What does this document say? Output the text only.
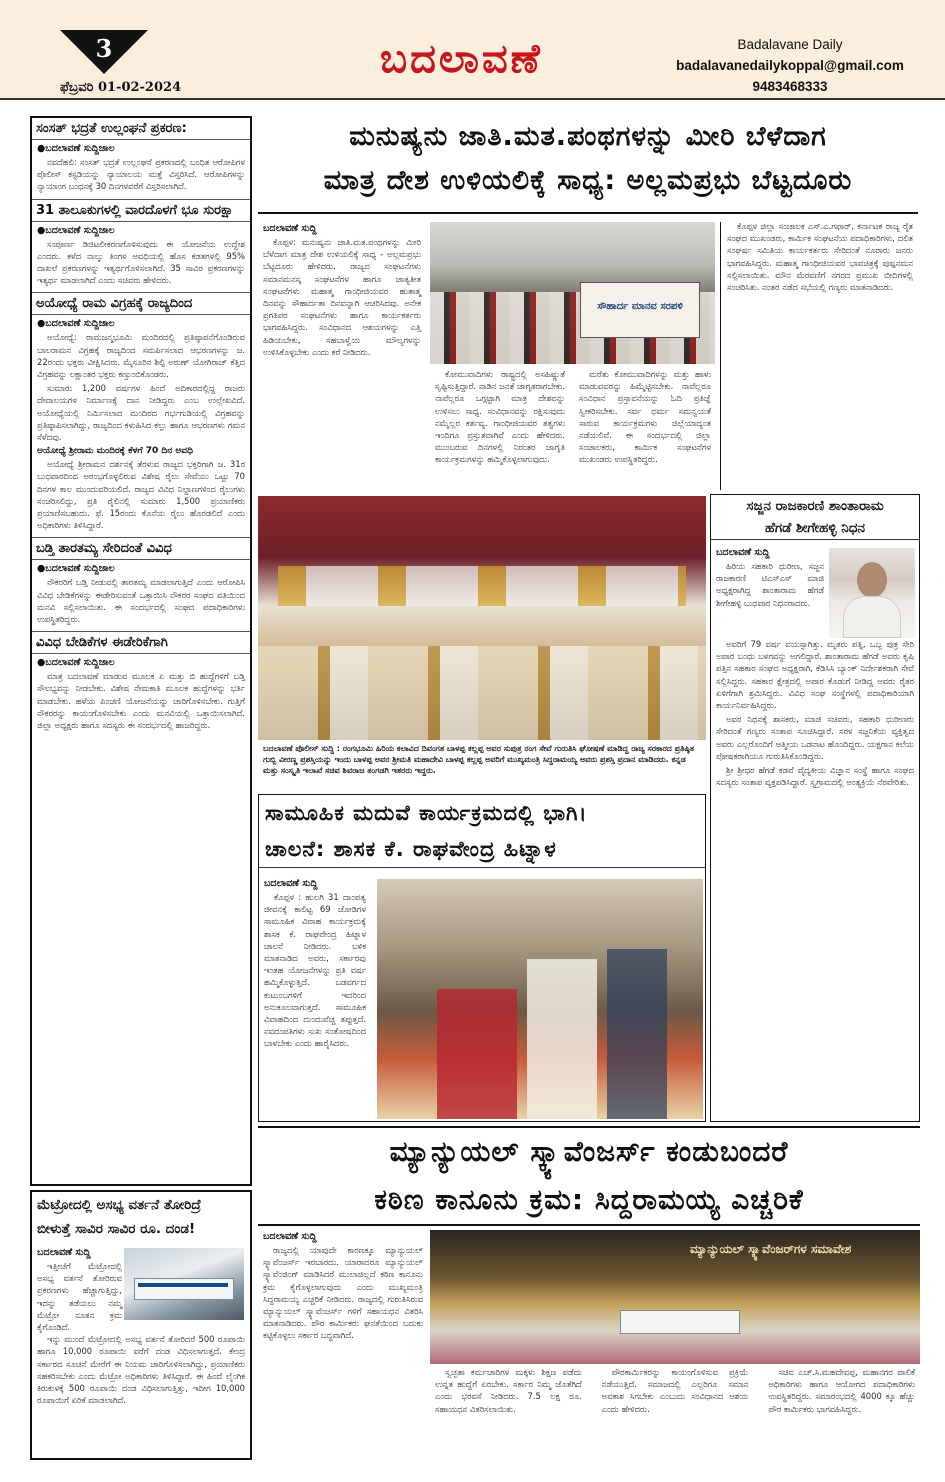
3
ಫೆಬ್ರವರಿ 01-02-2024
ಬದಲಾವಣೆ	Badalavane Daily
badalavanedailykoppal@gmail.com
9483468333
ಸಂಸತ್ ಭದ್ರತೆ ಉಲ್ಲಂಘನೆ ಪ್ರಕರಣ:
●ಬದಲಾವಣೆ ಸುದ್ದಿಜಾಲ

ನವದೆಹಲಿ: ಸಂಸತ್ ಭದ್ರತೆ ಉಲ್ಲಂಘನೆ ಪ್ರಕರಣದಲ್ಲಿ ಬಂಧಿತ ಆರೋಪಿಗಳ ಪೊಲೀಸ್ ಕಸ್ಟಡಿಯನ್ನು ನ್ಯಾಯಾಲಯ ಮತ್ತೆ ವಿಸ್ತರಿಸಿದೆ. ಆರೋಪಿಗಳನ್ನು ನ್ಯಾಯಾಂಗ ಬಂಧನಕ್ಕೆ 30 ದಿನಗಳವರೆಗೆ ವಿಸ್ತರಿಸಲಾಗಿದೆ.

31 ತಾಲೂಕುಗಳಲ್ಲಿ ವಾರದೊಳಗೆ ಭೂ ಸುರಕ್ಷಾ
●ಬದಲಾವಣೆ ಸುದ್ದಿಜಾಲ

ಸಂಪೂರ್ಣ ಡಿಜಿಟಲೀಕರಣಗೊಳಿಸುವುದು ಈ ಯೋಜನೆಯ ಉದ್ದೇಶ ಎಂದರು. ಕಳೆದ ನಾಲ್ಕು ತಿಂಗಳ ಅವಧಿಯಲ್ಲಿ ಹೊಸ ಕಡತಗಳಲ್ಲಿ 95% ದಾಖಲೆ ಪ್ರಕರಣಗಳನ್ನು ಇತ್ಯರ್ಥಗೊಳಿಸಲಾಗಿದೆ. 35 ಸಾವಿರ ಪ್ರಕರಣಗಳನ್ನು ಇತ್ಯರ್ಥ ಮಾಡಲಾಗಿದೆ ಎಂದು ಸಚಿವರು ಹೇಳಿದರು.

ಅಯೋಧ್ಯೆ ರಾಮ ವಿಗ್ರಹಕ್ಕೆ ರಾಜ್ಯದಿಂದ
●ಬದಲಾವಣೆ ಸುದ್ದಿಜಾಲ

ಅಯೋಧ್ಯೆ: ರಾಮಜನ್ಮಭೂಮಿ ಮಂದಿರದಲ್ಲಿ ಪ್ರತಿಷ್ಠಾಪನೆಗೊಂಡಿರುವ ಬಾಲರಾಮನ ವಿಗ್ರಹಕ್ಕೆ ರಾಜ್ಯದಿಂದ ಸಮರ್ಪಿಸಲಾದ ಆಭರಣಗಳನ್ನು ಜ. 22ರಂದು ಭಕ್ತರು ವೀಕ್ಷಿಸಿದರು. ಮೈಸೂರಿನ ಶಿಲ್ಪಿ ಅರುಣ್ ಯೋಗಿರಾಜ್ ಕೆತ್ತಿದ ವಿಗ್ರಹವನ್ನು ಲಕ್ಷಾಂತರ ಭಕ್ತರು ಕಣ್ತುಂಬಿಕೊಂಡರು.

ಸುಮಾರು 1,200 ವರ್ಷಗಳ ಹಿಂದೆ ಅದಿಕಾರದಲ್ಲಿದ್ದ ರಾಜರು ದೇವಾಲಯಗಳ ನಿರ್ಮಾಣಕ್ಕೆ ದಾನ ನೀಡಿದ್ದರು ಎಂಬ ಉಲ್ಲೇಖವಿದೆ. ಅಯೋಧ್ಯೆಯಲ್ಲಿ ನಿರ್ಮಿಸಲಾದ ಮಂದಿರದ ಗರ್ಭಗುಡಿಯಲ್ಲಿ ವಿಗ್ರಹವನ್ನು ಪ್ರತಿಷ್ಠಾಪಿಸಲಾಗಿದ್ದು, ರಾಜ್ಯದಿಂದ ಕಳುಹಿಸಿದ ಕಲ್ಲು ಹಾಗೂ ಆಭರಣಗಳು ಗಮನ ಸೆಳೆದವು.

ಅಯೋಧ್ಯೆ ಶ್ರೀರಾಮ ಮಂದಿರಕ್ಕೆ ಕೆಳಗೆ 70 ದಿನ ಅವಧಿ

ಅಯೋಧ್ಯೆ ಶ್ರೀರಾಮನ ದರ್ಶನಕ್ಕೆ ತೆರಳುವ ರಾಜ್ಯದ ಭಕ್ತರಿಗಾಗಿ ಜ. 31ರ ಬುಧವಾರದಿಂದ ಅರಂಭಗೊಳ್ಳಲಿರುವ ವಿಶೇಷ ರೈಲು ಸೇವೆಯು ಒಟ್ಟು 70 ದಿನಗಳ ಕಾಲ ಮುಂದುವರಿಯಲಿದೆ. ರಾಜ್ಯದ ವಿವಿಧ ನಿಲ್ದಾಣಗಳಿಂದ ರೈಲುಗಳು ಸಂಚರಿಸಲಿದ್ದು, ಪ್ರತಿ ರೈಲಿನಲ್ಲಿ ಸುಮಾರು 1,500 ಪ್ರಯಾಣಿಕರು ಪ್ರಯಾಣಿಸಬಹುದು. ಫೆ. 15ರಂದು ಕೊನೆಯ ರೈಲು ಹೊರಡಲಿದೆ ಎಂದು ಅಧಿಕಾರಿಗಳು ತಿಳಿಸಿದ್ದಾರೆ.

ಬಡ್ತಿ ತಾರತಮ್ಯ ಸೇರಿದಂತೆ ವಿವಿಧ
●ಬದಲಾವಣೆ ಸುದ್ದಿಜಾಲ

ನೌಕರರಿಗೆ ಬಡ್ತಿ ನೀಡುವಲ್ಲಿ ತಾರತಮ್ಯ ಮಾಡಲಾಗುತ್ತಿದೆ ಎಂದು ಆರೋಪಿಸಿ ವಿವಿಧ ಬೇಡಿಕೆಗಳನ್ನು ಈಡೇರಿಸುವಂತೆ ಒತ್ತಾಯಿಸಿ ನೌಕರರ ಸಂಘದ ವತಿಯಿಂದ ಮನವಿ ಸಲ್ಲಿಸಲಾಯಿತು. ಈ ಸಂದರ್ಭದಲ್ಲಿ ಸಂಘದ ಪದಾಧಿಕಾರಿಗಳು ಉಪಸ್ಥಿತರಿದ್ದರು.

ವಿವಿಧ ಬೇಡಿಕೆಗಳ ಈಡೇರಿಕೆಗಾಗಿ
●ಬದಲಾವಣೆ ಸುದ್ದಿಜಾಲ

ಮಾತ್ರ ಬದಲಾವಣೆ ಮಾಡುವ ಮೂಲಕ ಏ ಮತ್ತು ಬಿ ಹುದ್ದೆಗಳಿಗೆ ಬಡ್ತಿ ಸೌಲಭ್ಯವನ್ನು ನೀಡಬೇಕು. ವಿಶೇಷ ನೇಮಕಾತಿ ಮೂಲಕ ಹುದ್ದೆಗಳನ್ನು ಭರ್ತಿ ಮಾಡಬೇಕು. ಹಳೆಯ ಪಿಂಚಣಿ ಯೋಜನೆಯನ್ನು ಜಾರಿಗೊಳಿಸಬೇಕು. ಗುತ್ತಿಗೆ ನೌಕರರನ್ನು ಕಾಯಂಗೊಳಿಸಬೇಕು ಎಂದು ಮನವಿಯಲ್ಲಿ ಒತ್ತಾಯಿಸಲಾಗಿದೆ. ಜಿಲ್ಲಾ ಅಧ್ಯಕ್ಷರು ಹಾಗೂ ಸದಸ್ಯರು ಈ ಸಂದರ್ಭದಲ್ಲಿ ಹಾಜರಿದ್ದರು.

ಮೆಟ್ರೋದಲ್ಲಿ ಅಸಭ್ಯ ವರ್ತನೆ ತೋರಿದ್ರೆ
ಬೀಳುತ್ತೆ ಸಾವಿರ ಸಾವಿರ ರೂ. ದಂಡ!
ಬದಲಾವಣೆ ಸುದ್ದಿ

ಇತ್ತೀಚೆಗೆ ಮೆಟ್ರೋದಲ್ಲಿ ಅಸಭ್ಯ ವರ್ತನೆ ತೋರಿರುವ ಪ್ರಕರಣಗಳು ಹೆಚ್ಚಾಗುತ್ತಿದ್ದು, ಇದನ್ನು ತಡೆಯಲು ನಮ್ಮ ಮೆಟ್ರೋ ನೂತನ ಕ್ರಮ ಕೈಗೊಂಡಿದೆ.

ಇನ್ನು ಮುಂದೆ ಮೆಟ್ರೋದಲ್ಲಿ ಅಸಭ್ಯ ವರ್ತನೆ ತೋರಿದರೆ 500 ರೂಪಾಯಿ ಹಾಗೂ 10,000 ರೂಪಾಯಿ ವರೆಗೆ ದಂಡ ವಿಧಿಸಲಾಗುತ್ತದೆ. ಕೇಂದ್ರ ಸರ್ಕಾರದ ಸೂಚನೆ ಮೇರೆಗೆ ಈ ನಿಯಮ ಜಾರಿಗೊಳಿಸಲಾಗಿದ್ದು, ಪ್ರಯಾಣಿಕರು ಸಹಕರಿಸಬೇಕು ಎಂದು ಮೆಟ್ರೋ ಅಧಿಕಾರಿಗಳು ತಿಳಿಸಿದ್ದಾರೆ. ಈ ಹಿಂದೆ ಲೈಂಗಿಕ ಕಿರುಕುಳಕ್ಕೆ 500 ರೂಪಾಯಿ ದಂಡ ವಿಧಿಸಲಾಗುತ್ತಿತ್ತು, ಇದೀಗ 10,000 ರೂಪಾಯಿಗೆ ಏರಿಕೆ ಮಾಡಲಾಗಿದೆ.

ಮನುಷ್ಯನು ಜಾತಿ.ಮತ.ಪಂಥಗಳನ್ನು ಮೀರಿ ಬೆಳೆದಾಗ
ಮಾತ್ರ ದೇಶ ಉಳಿಯಲಿಕ್ಕೆ ಸಾಧ್ಯ: ಅಲ್ಲಮಪ್ರಭು ಬೆಟ್ಟದೂರು
ಬದಲಾವಣೆ ಸುದ್ದಿ

ಕೊಪ್ಪಳ: ಮನುಷ್ಯನು ಜಾತಿ.ಮತ.ಪಂಥಗಳನ್ನು ಮೀರಿ ಬೆಳೆದಾಗ ಮಾತ್ರ ದೇಶ ಉಳಿಯಲಿಕ್ಕೆ ಸಾಧ್ಯ - ಅಲ್ಲಮಪ್ರಭು ಬೆಟ್ಟದೂರು ಹೇಳಿದರು. ರಾಜ್ಯದ ಸಂಘಟನೆಗಳು ಸಮಾನಮನಸ್ಕ ಸಂಘಟನೆಗಳ ಹಾಗೂ ಜಾತ್ಯತೀತ ಸಂಘಟನೆಗಳು ಮಹಾತ್ಮ ಗಾಂಧೀಜಿಯವರ ಹುತಾತ್ಮ ದಿನವನ್ನು ಸೌಹಾರ್ದತಾ ದಿನವನ್ನಾಗಿ ಆಚರಿಸಿದವು. ಅನೇಕ ಪ್ರಗತಿಪರ ಸಂಘಟನೆಗಳು ಹಾಗೂ ಕಾರ್ಯಕರ್ತರು ಭಾಗವಹಿಸಿದ್ದರು. ಸಂವಿಧಾನದ ಆಶಯಗಳನ್ನು ಎತ್ತಿ ಹಿಡಿಯಬೇಕು, ಸಹಬಾಳ್ವೆಯ ಮೌಲ್ಯಗಳನ್ನು ಉಳಿಸಿಕೊಳ್ಳಬೇಕು ಎಂದು ಕರೆ ನೀಡಿದರು.

ಸೌಹಾರ್ದ ಮಾನವ ಸರಪಳಿ

ಕೋಮುವಾದಿಗಳು ರಾಷ್ಟ್ರದಲ್ಲಿ ಅಸಹಿಷ್ಣುತೆ ಸೃಷ್ಟಿಸುತ್ತಿದ್ದಾರೆ. ನಾಡಿನ ಜನತೆ ಜಾಗೃತರಾಗಬೇಕು. ನಾವೆಲ್ಲರೂ ಒಗ್ಗಟ್ಟಾಗಿ ಮಾತ್ರ ದೇಶವನ್ನು ಉಳಿಸಲು ಸಾಧ್ಯ. ಸಂವಿಧಾನವನ್ನು ರಕ್ಷಿಸುವುದು ನಮ್ಮೆಲ್ಲರ ಕರ್ತವ್ಯ. ಗಾಂಧೀಜಿಯವರ ತತ್ವಗಳು ಇಂದಿಗೂ ಪ್ರಸ್ತುತವಾಗಿವೆ ಎಂದು ಹೇಳಿದರು. ಮುಂಬರುವ ದಿನಗಳಲ್ಲಿ ನಿರಂತರ ಜಾಗೃತಿ ಕಾರ್ಯಕ್ರಮಗಳನ್ನು ಹಮ್ಮಿಕೊಳ್ಳಲಾಗುವುದು.

ಮರೆತು ಕೋಮುವಾದಿಗಳನ್ನು ಮತ್ತು ಹಾಳು ಮಾಡುವವರನ್ನು ಹಿಮ್ಮೆಟ್ಟಿಸಬೇಕು. ನಾವೆಲ್ಲರೂ ಸಂವಿಧಾನ ಪ್ರಸ್ತಾವನೆಯನ್ನು ಓದಿ ಪ್ರತಿಜ್ಞೆ ಸ್ವೀಕರಿಸಬೇಕು. ಸರ್ವ ಧರ್ಮ ಸಮನ್ವಯತೆ ಸಾರುವ ಕಾರ್ಯಕ್ರಮಗಳು ಜಿಲ್ಲೆಯಾದ್ಯಂತ ನಡೆಯಲಿವೆ. ಈ ಸಂದರ್ಭದಲ್ಲಿ ಜಿಲ್ಲಾ ಸಂಚಾಲಕರು, ಕಾರ್ಮಿಕ ಸಂಘಟನೆಗಳ ಮುಖಂಡರು ಉಪಸ್ಥಿತರಿದ್ದರು.

ಕೊಪ್ಪಳ ಜಿಲ್ಲಾ ಸಂಚಾಲಕ ಎಸ್.ಎ.ಗಫಾರ್, ಕರ್ನಾಟಕ ರಾಜ್ಯ ರೈತ ಸಂಘದ ಮುಖಂಡರು, ಕಾರ್ಮಿಕ ಸಂಘಟನೆಯ ಪದಾಧಿಕಾರಿಗಳು, ದಲಿತ ಸಂಘರ್ಷ ಸಮಿತಿಯ ಕಾರ್ಯಕರ್ತರು ಸೇರಿದಂತೆ ನೂರಾರು ಜನರು ಭಾಗವಹಿಸಿದ್ದರು. ಮಹಾತ್ಮ ಗಾಂಧೀಜಿಯವರ ಭಾವಚಿತ್ರಕ್ಕೆ ಪುಷ್ಪನಮನ ಸಲ್ಲಿಸಲಾಯಿತು. ಮೌನ ಮೆರವಣಿಗೆ ನಗರದ ಪ್ರಮುಖ ಬೀದಿಗಳಲ್ಲಿ ಸಂಚರಿಸಿತು. ನಂತರ ನಡೆದ ಸಭೆಯಲ್ಲಿ ಗಣ್ಯರು ಮಾತನಾಡಿದರು.

ಬದಲಾವಣೆ ಪೊಲೀಸ್ ಸುದ್ದಿ : ರಂಗಭೂಮಿ ಹಿರಿಯ ಕಲಾವಿದ ದಿವಂಗತ ಬಾಳಪ್ಪ ಕಲ್ಲಪ್ಪ ಅವರ ಸುಪುತ್ರ ರಂಗ ಸೇವೆ ಗುರುತಿಸಿ ಘೋಷಣೆ ಮಾಡಿದ್ದ ರಾಜ್ಯ ಸರಕಾರದ ಪ್ರತಿಷ್ಠಿತ ಗುಬ್ಬಿ ವೀರಣ್ಣ ಪ್ರಶಸ್ತಿಯನ್ನು ಇಂದು ಬಾಳಪ್ಪ ಅವರ ಶ್ರೀಮತಿ ಮಹಾದೇವಿ ಬಾಳಪ್ಪ ಕಲ್ಲಪ್ಪ ಅವರಿಗೆ ಮುಖ್ಯಮಂತ್ರಿ ಸಿದ್ದರಾಮಯ್ಯ ಅವರು ಪ್ರಶಸ್ತಿ ಪ್ರದಾನ ಮಾಡಿದರು. ಕನ್ನಡ ಮತ್ತು ಸಂಸ್ಕೃತಿ ಇಲಾಖೆ ಸಚಿವ ಶಿವರಾಜ ತಂಗಡಗಿ ಇತರರು ಇದ್ದರು.
ಸಜ್ಜನ ರಾಜಕಾರಣಿ ಶಾಂತಾರಾಮ
ಹೆಗಡೆ ಶೀಗೇಹಳ್ಳಿ ನಿಧನ
ಬದಲಾವಣೆ ಸುದ್ದಿ

ಹಿರಿಯ ಸಹಕಾರಿ ಧುರೀಣ, ಸಜ್ಜನ ರಾಜಕಾರಣಿ ಟಿಎಸ್ಎಸ್ ಮಾಜಿ ಅಧ್ಯಕ್ಷರಾಗಿದ್ದ ಶಾಂತಾರಾಮ ಹೆಗಡೆ ಶೀಗೇಹಳ್ಳಿ ಬುಧವಾರ ನಿಧನರಾದರು.

ಅವರಿಗೆ 79 ವರ್ಷ ವಯಸ್ಸಾಗಿತ್ತು. ಮೃತರು ಪತ್ನಿ, ಒಬ್ಬ ಪುತ್ರ ಸೇರಿ ಅಪಾರ ಬಂಧು ಬಳಗವನ್ನು ಅಗಲಿದ್ದಾರೆ. ಶಾಂತಾರಾಮ ಹೆಗಡೆ ಅವರು ಕೃಷಿ ಪತ್ತಿನ ಸಹಕಾರ ಸಂಘದ ಅಧ್ಯಕ್ಷರಾಗಿ, ಕೆಡಿಸಿಸಿ ಬ್ಯಾಂಕ್ ನಿರ್ದೇಶಕರಾಗಿ ಸೇವೆ ಸಲ್ಲಿಸಿದ್ದರು. ಸಹಕಾರ ಕ್ಷೇತ್ರದಲ್ಲಿ ಅಪಾರ ಕೊಡುಗೆ ನೀಡಿದ್ದ ಅವರು ರೈತರ ಏಳಿಗೆಗಾಗಿ ಶ್ರಮಿಸಿದ್ದರು. ವಿವಿಧ ಸಂಘ ಸಂಸ್ಥೆಗಳಲ್ಲಿ ಪದಾಧಿಕಾರಿಯಾಗಿ ಕಾರ್ಯನಿರ್ವಹಿಸಿದ್ದರು.

ಅವರ ನಿಧನಕ್ಕೆ ಶಾಸಕರು, ಮಾಜಿ ಸಚಿವರು, ಸಹಕಾರಿ ಧುರೀಣರು ಸೇರಿದಂತೆ ಗಣ್ಯರು ಸಂತಾಪ ಸೂಚಿಸಿದ್ದಾರೆ. ಸರಳ ಸಜ್ಜನಿಕೆಯ ವ್ಯಕ್ತಿತ್ವದ ಅವರು ಎಲ್ಲರೊಂದಿಗೆ ಆತ್ಮೀಯ ಒಡನಾಟ ಹೊಂದಿದ್ದರು. ಯಕ್ಷಗಾನ ಕಲೆಯ ಪೋಷಕರಾಗಿಯೂ ಗುರುತಿಸಿಕೊಂಡಿದ್ದರು.

ಶ್ರೀ ಶ್ರೀಧರ ಹೆಗಡೆ ಕಡವೆ ವೈದ್ಯಕೀಯ ವಿಜ್ಞಾನ ಸಂಸ್ಥೆ ಹಾಗೂ ಸಂಘದ ಸದಸ್ಯರು ಸಂತಾಪ ವ್ಯಕ್ತಪಡಿಸಿದ್ದಾರೆ. ಸ್ವಗ್ರಾಮದಲ್ಲಿ ಅಂತ್ಯಕ್ರಿಯೆ ನೆರವೇರಿತು.

ಸಾಮೂಹಿಕ ಮದುವೆ ಕಾರ್ಯಕ್ರಮದಲ್ಲಿ ಭಾಗಿ।
ಚಾಲನೆ: ಶಾಸಕ ಕೆ. ರಾಘವೇಂದ್ರ ಹಿಟ್ನಾಳ
ಬದಲಾವಣೆ ಸುದ್ದಿ

ಕೊಪ್ಪಳ : ಹುಲಗಿ 31 ದಾಂಪತ್ಯ ಜೀವನಕ್ಕೆ ಕಾಲಿಟ್ಟ 69 ಜೋಡಿಗಳ ಸಾಮೂಹಿಕ ವಿವಾಹ ಕಾರ್ಯಕ್ರಮಕ್ಕೆ ಶಾಸಕ ಕೆ. ರಾಘವೇಂದ್ರ ಹಿಟ್ನಾಳ ಚಾಲನೆ ನೀಡಿದರು. ಬಳಿಕ ಮಾತನಾಡಿದ ಅವರು, ಸರ್ಕಾರವು ಇಂತಹ ಯೋಜನೆಗಳನ್ನು ಪ್ರತಿ ವರ್ಷ ಹಮ್ಮಿಕೊಳ್ಳುತ್ತಿದೆ. ಬಡವರ್ಗದ ಕುಟುಂಬಗಳಿಗೆ ಇದರಿಂದ ಅನುಕೂಲವಾಗುತ್ತದೆ. ಸಾಮೂಹಿಕ ವಿವಾಹದಿಂದ ದುಂದುವೆಚ್ಚ ತಪ್ಪುತ್ತದೆ. ನವದಂಪತಿಗಳು ಸುಖ ಸಂತೋಷದಿಂದ ಬಾಳಬೇಕು ಎಂದು ಹಾರೈಸಿದರು.

ಮ್ಯಾನ್ಯುಯಲ್ ಸ್ಕ್ಯಾವೆಂಜರ್ಸ್ ಕಂಡುಬಂದರೆ
ಕಠಿಣ ಕಾನೂನು ಕ್ರಮ: ಸಿದ್ದರಾಮಯ್ಯ ಎಚ್ಚರಿಕೆ
ಬದಲಾವಣೆ ಸುದ್ದಿ

ರಾಜ್ಯದಲ್ಲಿ ಯಾವುದೇ ಕಾರಣಕ್ಕೂ ಮ್ಯಾನ್ಯುಯಲ್ ಸ್ಕ್ಯಾವೆಂಜರ್ಸ್ ಇರಬಾರದು. ಯಾರಾದರೂ ಮ್ಯಾನ್ಯುಯಲ್ ಸ್ಕ್ಯಾವೆಂಜಿಂಗ್ ಮಾಡಿಸಿದರೆ ಮುಲಾಜಿಲ್ಲದೆ ಕಠಿಣ ಕಾನೂನು ಕ್ರಮ ಕೈಗೊಳ್ಳಲಾಗುವುದು ಎಂದು ಮುಖ್ಯಮಂತ್ರಿ ಸಿದ್ದರಾಮಯ್ಯ ಎಚ್ಚರಿಕೆ ನೀಡಿದರು. ರಾಜ್ಯದಲ್ಲಿ ಗುರುತಿಸಿರುವ ಮ್ಯಾನ್ಯುಯಲ್ ಸ್ಕ್ಯಾವೆಂಜರ್ಸ್ ಗಳಿಗೆ ಸಹಾಯಧನ ವಿತರಿಸಿ ಮಾತನಾಡಿದರು. ಪೌರ ಕಾರ್ಮಿಕರು ಘನತೆಯಿಂದ ಬದುಕು ಕಟ್ಟಿಕೊಳ್ಳಲು ಸರ್ಕಾರ ಬದ್ಧವಾಗಿದೆ.

ಮ್ಯಾನ್ಯುಯಲ್ ಸ್ಕ್ಯಾವೆಂಜರ್‌ಗಳ ಸಮಾವೇಶ

ಸ್ವಚ್ಛತಾ ಕರ್ಮಚಾರಿಗಳ ಮಕ್ಕಳು ಶಿಕ್ಷಣ ಪಡೆದು ಉನ್ನತ ಹುದ್ದೆಗೆ ಏರಬೇಕು. ಸರ್ಕಾರ ನಿಮ್ಮ ಜೊತೆಗಿದೆ ಎಂದು ಭರವಸೆ ನೀಡಿದರು. 7.5 ಲಕ್ಷ ರೂ. ಸಹಾಯಧನ ವಿತರಿಸಲಾಯಿತು.

ಪೌರಕಾರ್ಮಿಕರನ್ನು ಕಾಯಂಗೊಳಿಸುವ ಪ್ರಕ್ರಿಯೆ ನಡೆಯುತ್ತಿದೆ. ಸಮಾಜದಲ್ಲಿ ಎಲ್ಲರಿಗೂ ಸಮಾನ ಅವಕಾಶ ಸಿಗಬೇಕು ಎಂಬುದು ಸಂವಿಧಾನದ ಆಶಯ ಎಂದು ಹೇಳಿದರು.

ಸಚಿವ ಎಚ್.ಸಿ.ಮಹದೇವಪ್ಪ, ಮಹಾನಗರ ಪಾಲಿಕೆ ಅಧಿಕಾರಿಗಳು ಹಾಗೂ ಆಯೋಗದ ಪದಾಧಿಕಾರಿಗಳು ಉಪಸ್ಥಿತರಿದ್ದರು. ಸಮಾರಂಭದಲ್ಲಿ 4000 ಕ್ಕೂ ಹೆಚ್ಚು ಪೌರ ಕಾರ್ಮಿಕರು ಭಾಗವಹಿಸಿದ್ದರು.
